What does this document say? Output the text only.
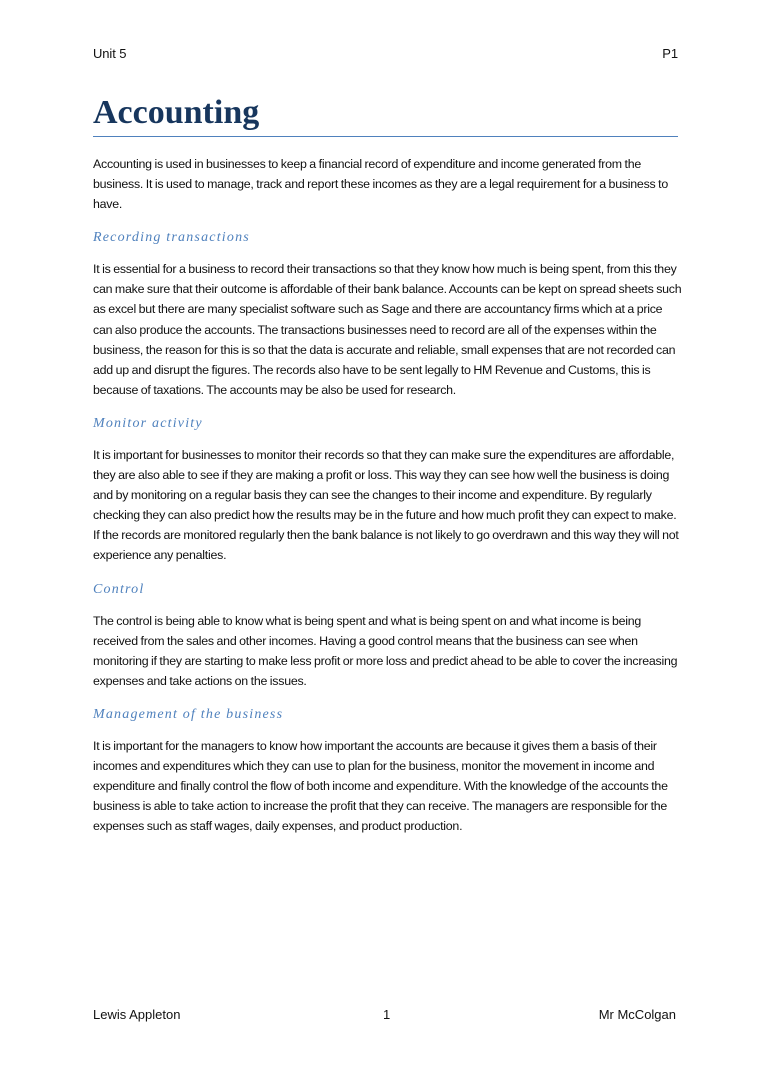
Unit 5	P1
Accounting

Accounting is used in businesses to keep a financial record of expenditure and income generated from the business. It is used to manage, track and report these incomes as they are a legal requirement for a business to have.

Recording transactions

It is essential for a business to record their transactions so that they know how much is being spent, from this they can make sure that their outcome is affordable of their bank balance. Accounts can be kept on spread sheets such as excel but there are many specialist software such as Sage and there are accountancy firms which at a price can also produce the accounts. The transactions businesses need to record are all of the expenses within the business, the reason for this is so that the data is accurate and reliable, small expenses that are not recorded can add up and disrupt the figures. The records also have to be sent legally to HM Revenue and Customs, this is because of taxations. The accounts may be also be used for research.

Monitor activity

It is important for businesses to monitor their records so that they can make sure the expenditures are affordable, they are also able to see if they are making a profit or loss. This way they can see how well the business is doing and by monitoring on a regular basis they can see the changes to their income and expenditure. By regularly checking they can also predict how the results may be in the future and how much profit they can expect to make. If the records are monitored regularly then the bank balance is not likely to go overdrawn and this way they will not experience any penalties.

Control

The control is being able to know what is being spent and what is being spent on and what income is being received from the sales and other incomes. Having a good control means that the business can see when monitoring if they are starting to make less profit or more loss and predict ahead to be able to cover the increasing expenses and take actions on the issues.

Management of the business

It is important for the managers to know how important the accounts are because it gives them a basis of their incomes and expenditures which they can use to plan for the business, monitor the movement in income and expenditure and finally control the flow of both income and expenditure. With the knowledge of the accounts the business is able to take action to increase the profit that they can receive. The managers are responsible for the expenses such as staff wages, daily expenses, and product production.

Lewis Appleton	1	Mr McColgan
